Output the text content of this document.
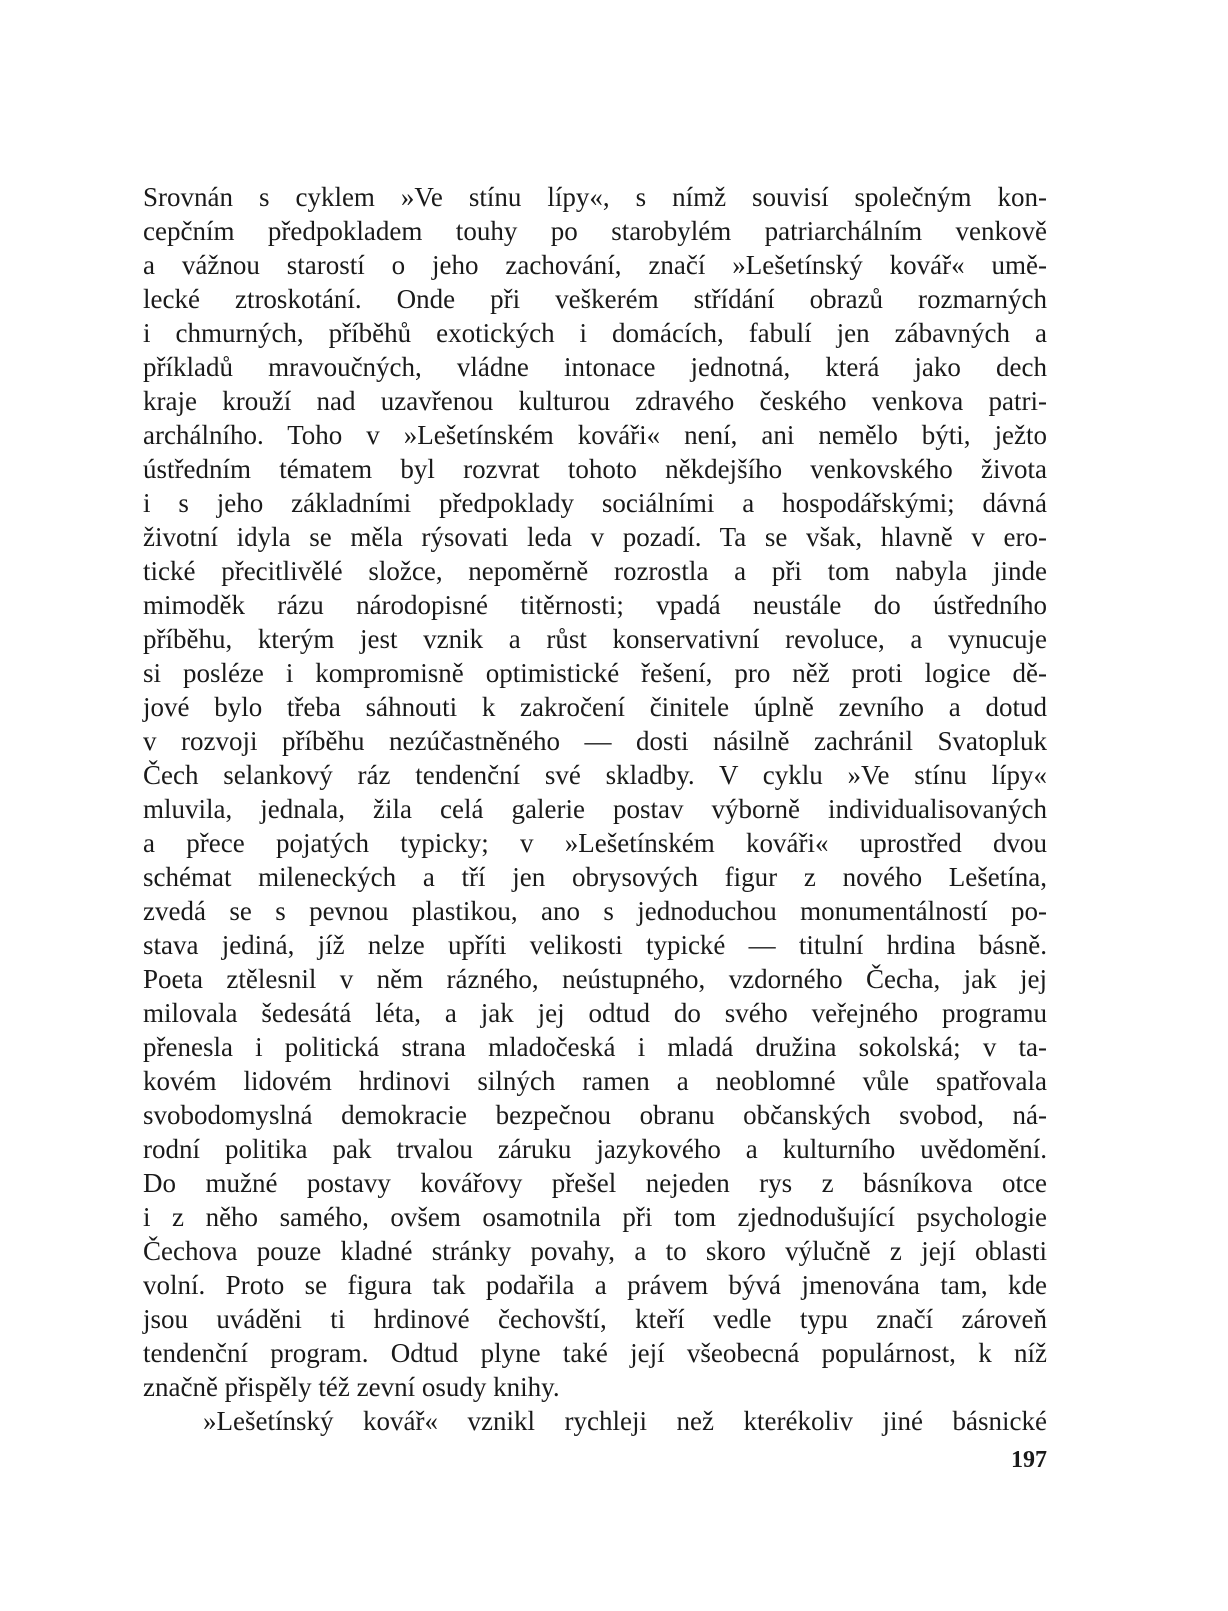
Srovnán s cyklem »Ve stínu lípy«, s nímž souvisí společným kon-
cepčním předpokladem touhy po starobylém patriarchálním venkově
a vážnou starostí o jeho zachování, značí »Lešetínský kovář« umě-
lecké ztroskotání. Onde při veškerém střídání obrazů rozmarných
i chmurných, příběhů exotických i domácích, fabulí jen zábavných a
příkladů mravoučných, vládne intonace jednotná, která jako dech
kraje krouží nad uzavřenou kulturou zdravého českého venkova patri-
archálního. Toho v »Lešetínském kováři« není, ani nemělo býti, ježto
ústředním tématem byl rozvrat tohoto někdejšího venkovského života
i s jeho základními předpoklady sociálními a hospodářskými; dávná
životní idyla se měla rýsovati leda v pozadí. Ta se však, hlavně v ero-
tické přecitlivělé složce, nepoměrně rozrostla a při tom nabyla jinde
mimoděk rázu národopisné titěrnosti; vpadá neustále do ústředního
příběhu, kterým jest vznik a růst konservativní revoluce, a vynucuje
si posléze i kompromisně optimistické řešení, pro něž proti logice dě-
jové bylo třeba sáhnouti k zakročení činitele úplně zevního a dotud
v rozvoji příběhu nezúčastněného — dosti násilně zachránil Svatopluk
Čech selankový ráz tendenční své skladby. V cyklu »Ve stínu lípy«
mluvila, jednala, žila celá galerie postav výborně individualisovaných
a přece pojatých typicky; v »Lešetínském kováři« uprostřed dvou
schémat mileneckých a tří jen obrysových figur z nového Lešetína,
zvedá se s pevnou plastikou, ano s jednoduchou monumentálností po-
stava jediná, jíž nelze upříti velikosti typické — titulní hrdina básně.
Poeta ztělesnil v něm rázného, neústupného, vzdorného Čecha, jak jej
milovala šedesátá léta, a jak jej odtud do svého veřejného programu
přenesla i politická strana mladočeská i mladá družina sokolská; v ta-
kovém lidovém hrdinovi silných ramen a neoblomné vůle spatřovala
svobodomyslná demokracie bezpečnou obranu občanských svobod, ná-
rodní politika pak trvalou záruku jazykového a kulturního uvědomění.
Do mužné postavy kovářovy přešel nejeden rys z básníkova otce
i z něho samého, ovšem osamotnila při tom zjednodušující psychologie
Čechova pouze kladné stránky povahy, a to skoro výlučně z její oblasti
volní. Proto se figura tak podařila a právem bývá jmenována tam, kde
jsou uváděni ti hrdinové čechovští, kteří vedle typu značí zároveň
tendenční program. Odtud plyne také její všeobecná populárnost, k níž
značně přispěly též zevní osudy knihy.
»Lešetínský kovář« vznikl rychleji než kterékoliv jiné básnické
197
